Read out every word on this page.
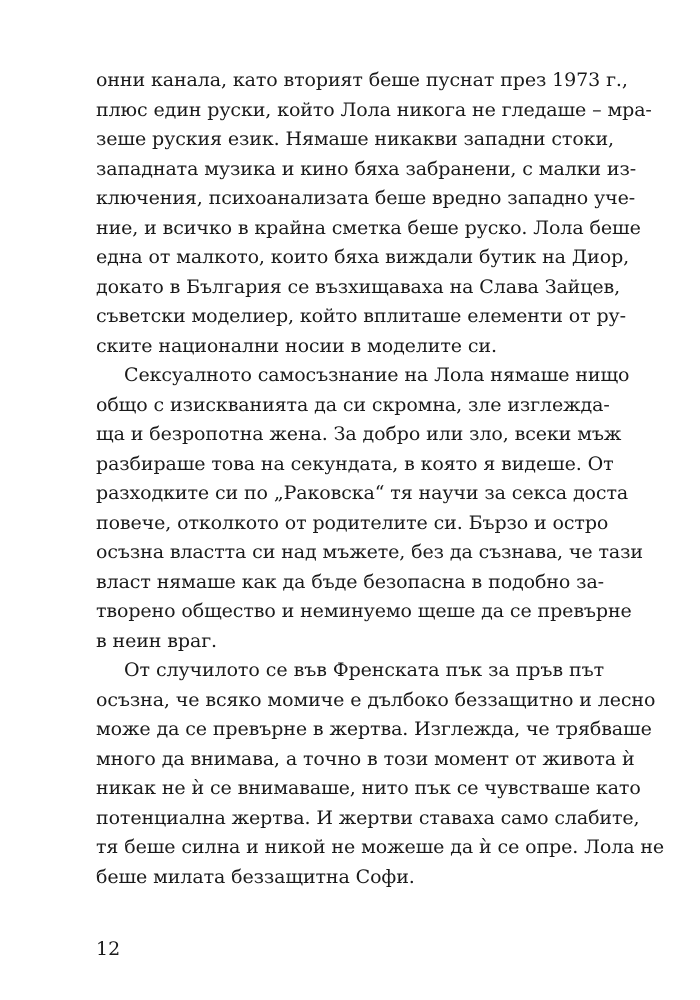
онни канала, като вторият беше пуснат през 1973 г.,
плюс един руски, който Лола никога не гледаше – мра-
зеше руския език. Нямаше никакви западни стоки,
западната музика и кино бяха забранени, с малки из-
ключения, психоанализата беше вредно западно уче-
ние, и всичко в крайна сметка беше руско. Лола беше
една от малкото, които бяха виждали бутик на Диор,
докато в България се възхищаваха на Слава Зайцев,
съветски моделиер, който вплиташе елементи от ру-
ските национални носии в моделите си.
Сексуалното самосъзнание на Лола нямаше нищо
общо с изискванията да си скромна, зле изглежда-
ща и безропотна жена. За добро или зло, всеки мъж
разбираше това на секундата, в която я видеше. От
разходките си по „Раковска“ тя научи за секса доста
повече, отколкото от родителите си. Бързо и остро
осъзна властта си над мъжете, без да съзнава, че тази
власт нямаше как да бъде безопасна в подобно за-
творено общество и неминуемо щеше да се превърне
в неин враг.
От случилото се във Френската пък за пръв път
осъзна, че всяко момиче е дълбоко беззащитно и лесно
може да се превърне в жертва. Изглежда, че трябваше
много да внимава, а точно в този момент от живота ѝ
никак не ѝ се внимаваше, нито пък се чувстваше като
потенциална жертва. И жертви ставаха само слабите,
тя беше силна и никой не можеше да ѝ се опре. Лола не
беше милата беззащитна Софи.
12
